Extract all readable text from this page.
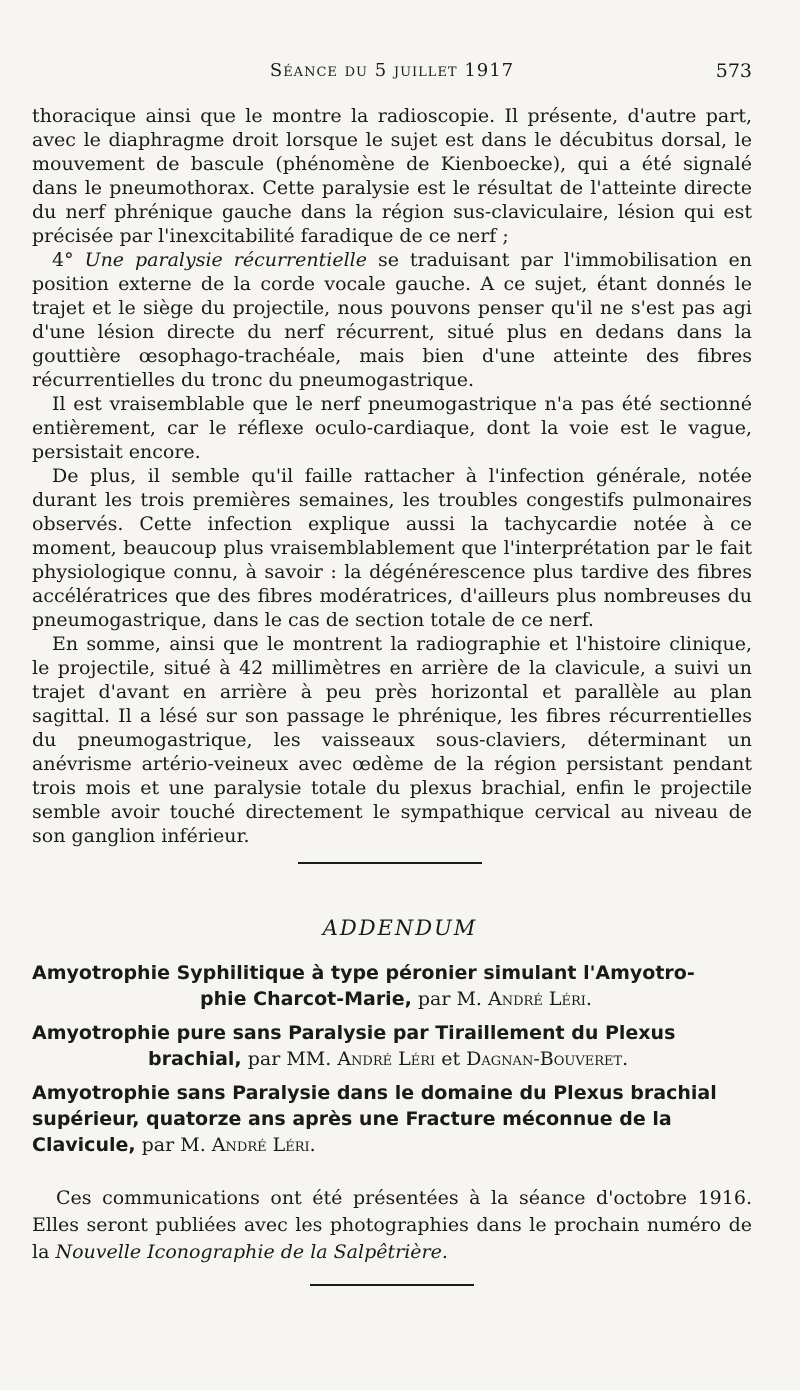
Séance du 5 juillet 1917	573

thoracique ainsi que le montre la radioscopie. Il présente, d'autre part, avec le diaphragme droit lorsque le sujet est dans le décubitus dorsal, le mouvement de bascule (phénomène de Kienboecke), qui a été signalé dans le pneumothorax. Cette paralysie est le résultat de l'atteinte directe du nerf phrénique gauche dans la région sus-claviculaire, lésion qui est précisée par l'inexcitabilité faradique de ce nerf ;

4° Une paralysie récurrentielle se traduisant par l'immobilisation en position externe de la corde vocale gauche. A ce sujet, étant donnés le trajet et le siège du projectile, nous pouvons penser qu'il ne s'est pas agi d'une lésion directe du nerf récurrent, situé plus en dedans dans la gouttière œsophago-trachéale, mais bien d'une atteinte des fibres récurrentielles du tronc du pneumogastrique.

Il est vraisemblable que le nerf pneumogastrique n'a pas été sectionné entièrement, car le réflexe oculo-cardiaque, dont la voie est le vague, persistait encore.

De plus, il semble qu'il faille rattacher à l'infection générale, notée durant les trois premières semaines, les troubles congestifs pulmonaires observés. Cette infection explique aussi la tachycardie notée à ce moment, beaucoup plus vraisemblablement que l'interprétation par le fait physiologique connu, à savoir : la dégénérescence plus tardive des fibres accélératrices que des fibres modératrices, d'ailleurs plus nombreuses du pneumogastrique, dans le cas de section totale de ce nerf.

En somme, ainsi que le montrent la radiographie et l'histoire clinique, le projectile, situé à 42 millimètres en arrière de la clavicule, a suivi un trajet d'avant en arrière à peu près horizontal et parallèle au plan sagittal. Il a lésé sur son passage le phrénique, les fibres récurrentielles du pneumogastrique, les vaisseaux sous-claviers, déterminant un anévrisme artério-veineux avec œdème de la région persistant pendant trois mois et une paralysie totale du plexus brachial, enfin le projectile semble avoir touché directement le sympathique cervical au niveau de son ganglion inférieur.

ADDENDUM
Amyotrophie Syphilitique à type péronier simulant l'Amyotro-
phie Charcot-Marie, par M. André Léri.
Amyotrophie pure sans Paralysie par Tiraillement du Plexus
brachial, par MM. André Léri et Dagnan-Bouveret.
Amyotrophie sans Paralysie dans le domaine du Plexus brachial supérieur, quatorze ans après une Fracture méconnue de la Clavicule, par M. André Léri.

Ces communications ont été présentées à la séance d'octobre 1916. Elles seront publiées avec les photographies dans le prochain numéro de la Nouvelle Iconographie de la Salpêtrière.
